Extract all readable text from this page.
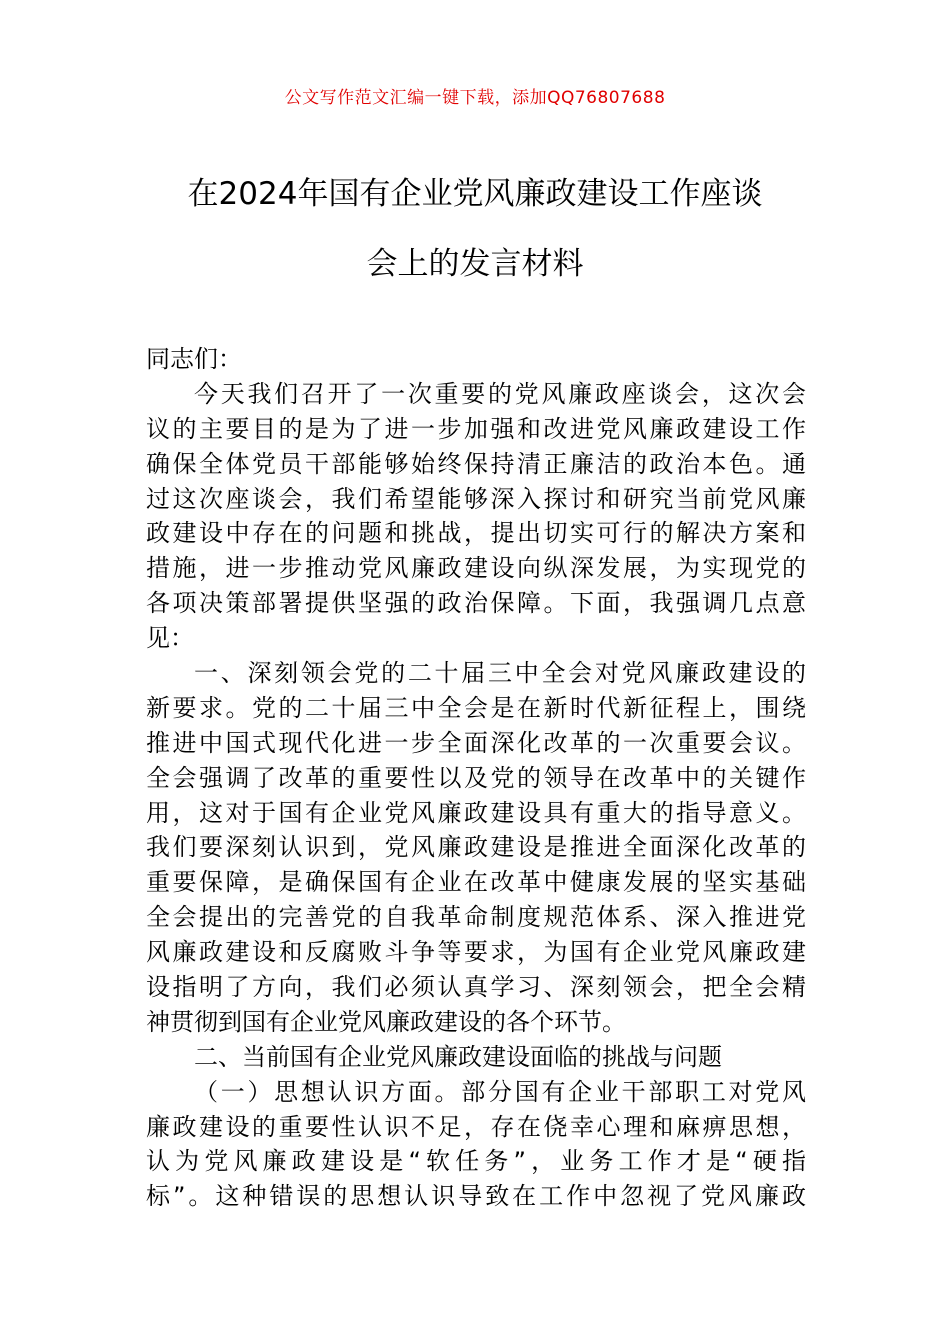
公文写作范文汇编一键下载，添加QQ76807688
在2024年国有企业党风廉政建设工作座谈
会上的发言材料
同志们：
今天我们召开了一次重要的党风廉政座谈会，这次会
议的主要目的是为了进一步加强和改进党风廉政建设工作
确保全体党员干部能够始终保持清正廉洁的政治本色。通
过这次座谈会，我们希望能够深入探讨和研究当前党风廉
政建设中存在的问题和挑战，提出切实可行的解决方案和
措施，进一步推动党风廉政建设向纵深发展，为实现党的
各项决策部署提供坚强的政治保障。下面，我强调几点意
见：
一、深刻领会党的二十届三中全会对党风廉政建设的
新要求。党的二十届三中全会是在新时代新征程上，围绕
推进中国式现代化进一步全面深化改革的一次重要会议。
全会强调了改革的重要性以及党的领导在改革中的关键作
用，这对于国有企业党风廉政建设具有重大的指导意义。
我们要深刻认识到，党风廉政建设是推进全面深化改革的
重要保障，是确保国有企业在改革中健康发展的坚实基础
全会提出的完善党的自我革命制度规范体系、深入推进党
风廉政建设和反腐败斗争等要求，为国有企业党风廉政建
设指明了方向，我们必须认真学习、深刻领会，把全会精
神贯彻到国有企业党风廉政建设的各个环节。
二、当前国有企业党风廉政建设面临的挑战与问题
（一）思想认识方面。部分国有企业干部职工对党风
廉政建设的重要性认识不足，存在侥幸心理和麻痹思想，
认为党风廉政建设是“软任务”，业务工作才是“硬指
标”。这种错误的思想认识导致在工作中忽视了党风廉政
